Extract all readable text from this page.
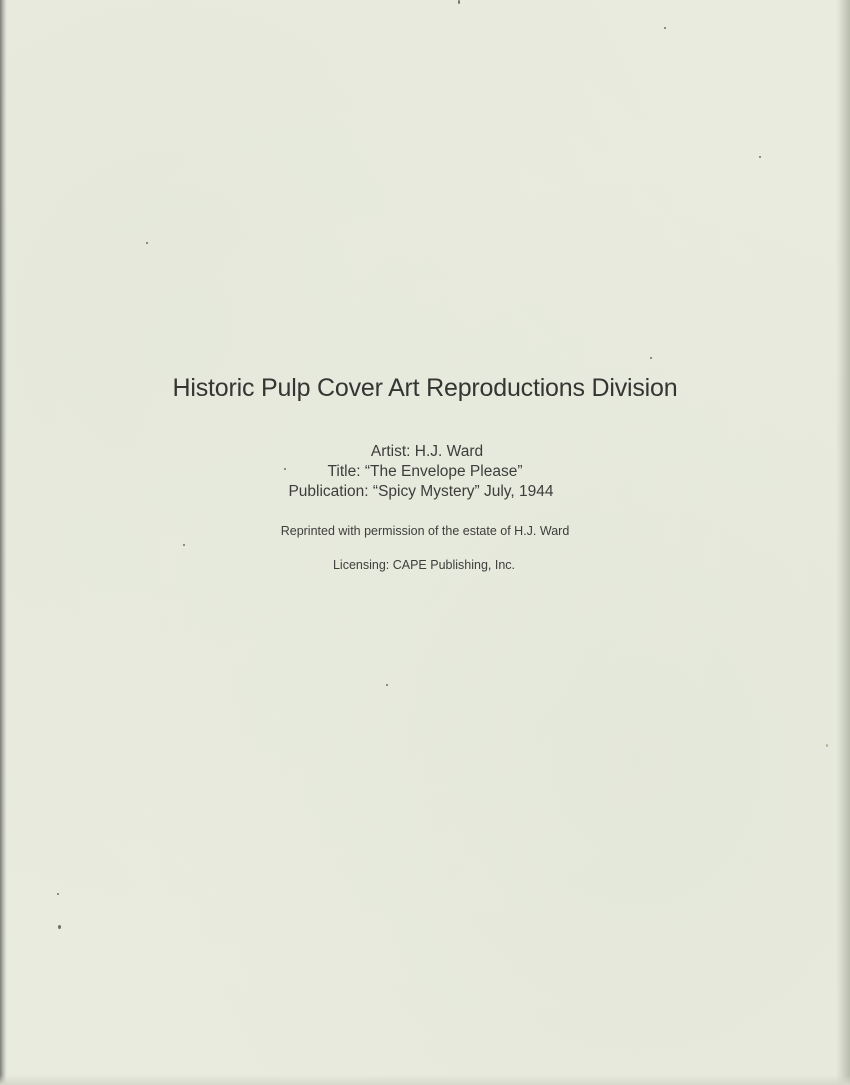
Historic Pulp Cover Art Reproductions Division
Artist: H.J. Ward
Title: “The Envelope Please”
Publication: “Spicy Mystery” July, 1944
Reprinted with permission of the estate of H.J. Ward
Licensing: CAPE Publishing, Inc.
